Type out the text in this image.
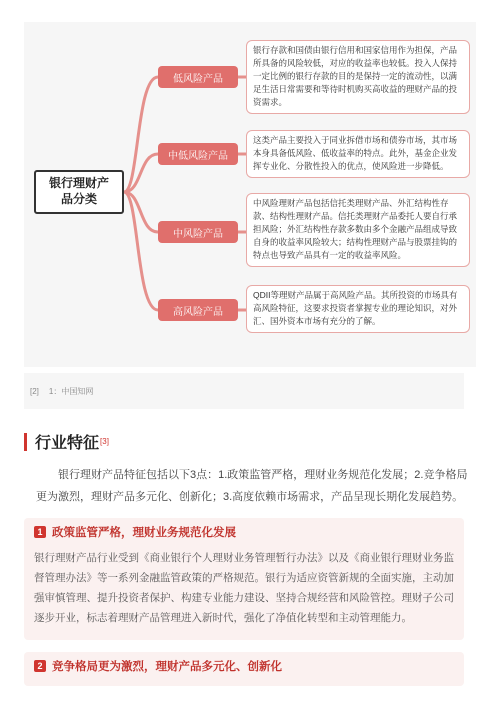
银行理财产品分类
低风险产品
中低风险产品
中风险产品
高风险产品
银行存款和国债由银行信用和国家信用作为担保，产品所具备的风险较低，对应的收益率也较低。投入人保持一定比例的银行存款的目的是保持一定的流动性，以满足生活日常需要和等待时机购买高收益的理财产品的投资需求。
这类产品主要投入于同业拆借市场和债券市场，其市场本身具备低风险、低收益率的特点。此外，基金企业发挥专业化、分散性投入的优点，使风险进一步降低。
中风险理财产品包括信托类理财产品、外汇结构性存款、结构性理财产品。信托类理财产品委托人要自行承担风险；外汇结构性存款多数由多个金融产品组成导致自身的收益率风险较大；结构性理财产品与股票挂钩的特点也导致产品具有一定的收益率风险。
QDII等理财产品属于高风险产品。其所投资的市场具有高风险特征，这要求投资者掌握专业的理论知识，对外汇、国外资本市场有充分的了解。
[2] 1：中国知网
行业特征 [3]

银行理财产品特征包括以下3点：1.政策监管严格，理财业务规范化发展；2.竞争格局更为激烈，理财产品多元化、创新化；3.高度依赖市场需求，产品呈现长期化发展趋势。

1 政策监管严格，理财业务规范化发展
银行理财产品行业受到《商业银行个人理财业务管理暂行办法》以及《商业银行理财业务监督管理办法》等一系列金融监管政策的严格规范。银行为适应资管新规的全面实施，主动加强审慎管理、提升投资者保护、构建专业能力建设、坚持合规经营和风险管控。理财子公司逐步开业，标志着理财产品管理进入新时代，强化了净值化转型和主动管理能力。
2 竞争格局更为激烈，理财产品多元化、创新化
